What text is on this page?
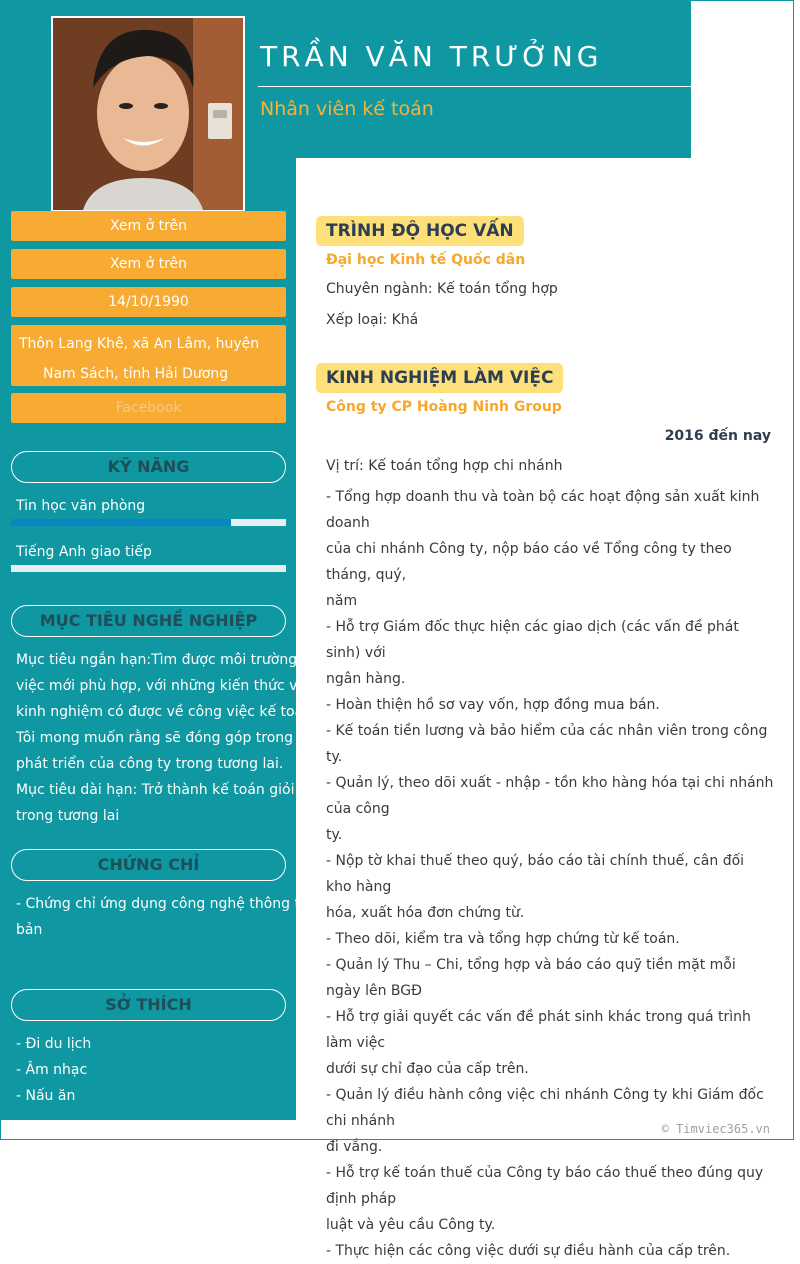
TRẦN VĂN TRƯỞNG
Nhân viên kế toán
Xem ở trên
Xem ở trên
14/10/1990
Thôn Lang Khê, xã An Lâm, huyện
Nam Sách, tỉnh Hải Dương
Facebook
KỸ NĂNG
Tin học văn phòng
Tiếng Anh giao tiếp
MỤC TIÊU NGHỀ NGHIỆP
Mục tiêu ngắn hạn:Tìm được môi trường làm
việc mới phù hợp, với những kiến thức và
kinh nghiệm có được về công việc kế toán.
Tôi mong muốn rằng sẽ đóng góp trong sự
phát triển của công ty trong tương lai.
Mục tiêu dài hạn: Trở thành kế toán giỏi
trong tương lai
CHỨNG CHỈ
- Chứng chỉ ứng dụng công nghệ thông tin cơ
bản
SỞ THÍCH
- Đi du lịch
- Âm nhạc
- Nấu ăn
TRÌNH ĐỘ HỌC VẤN
Đại học Kinh tế Quốc dân
Chuyên ngành: Kế toán tổng hợp
Xếp loại: Khá
KINH NGHIỆM LÀM VIỆC
Công ty CP Hoàng Ninh Group
2016 đến nay
Vị trí: Kế toán tổng hợp chi nhánh
- Tổng hợp doanh thu và toàn bộ các hoạt động sản xuất kinh doanh
của chi nhánh Công ty, nộp báo cáo về Tổng công ty theo tháng, quý,
năm
- Hỗ trợ Giám đốc thực hiện các giao dịch (các vấn đề phát sinh) với
ngân hàng.
- Hoàn thiện hồ sơ vay vốn, hợp đồng mua bán.
- Kế toán tiền lương và bảo hiểm của các nhân viên trong công ty.
- Quản lý, theo dõi xuất - nhập - tồn kho hàng hóa tại chi nhánh của công
ty.
- Nộp tờ khai thuế theo quý, báo cáo tài chính thuế, cân đối kho hàng
hóa, xuất hóa đơn chứng từ.
- Theo dõi, kiểm tra và tổng hợp chứng từ kế toán.
- Quản lý Thu – Chi, tổng hợp và báo cáo quỹ tiền mặt mỗi ngày lên BGĐ
- Hỗ trợ giải quyết các vấn đề phát sinh khác trong quá trình làm việc
dưới sự chỉ đạo của cấp trên.
- Quản lý điều hành công việc chi nhánh Công ty khi Giám đốc chi nhánh
đi vắng.
- Hỗ trợ kế toán thuế của Công ty báo cáo thuế theo đúng quy định pháp
luật và yêu cầu Công ty.
- Thực hiện các công việc dưới sự điều hành của cấp trên.
© Timviec365.vn
